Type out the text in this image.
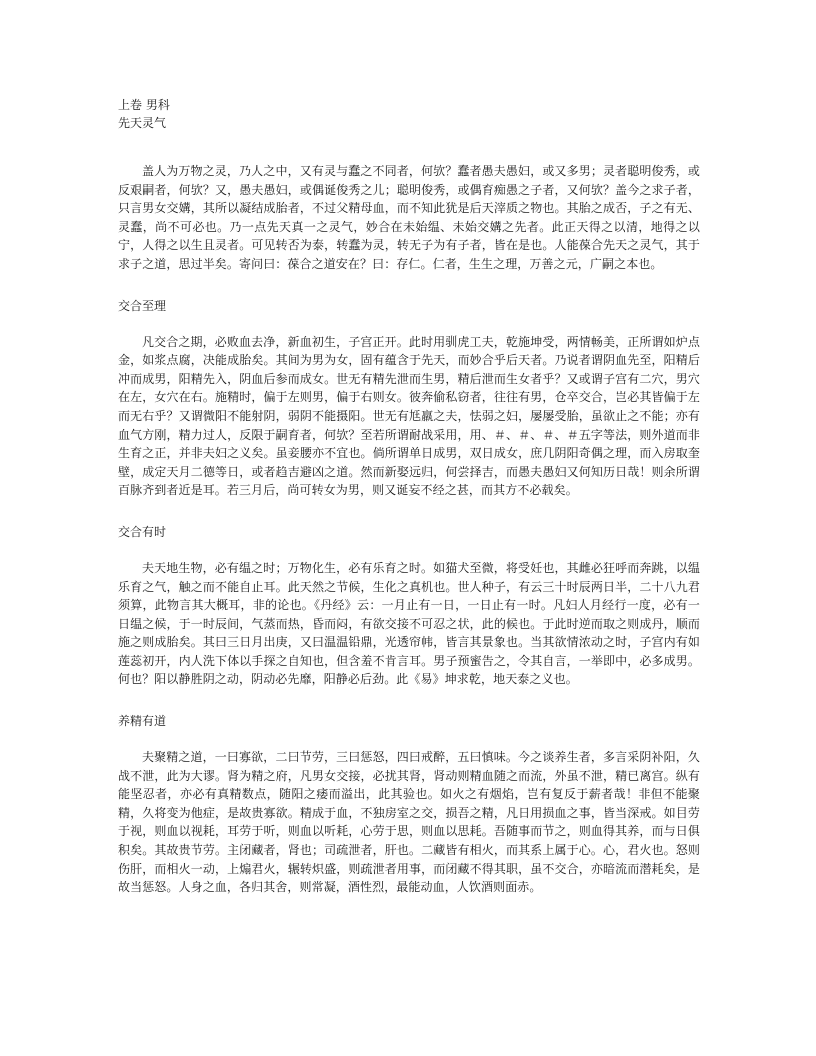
上卷 男科

先天灵气

盖人为万物之灵，乃人之中，又有灵与蠢之不同者，何欤？蠢者愚夫愚妇，或又多男；灵者聪明俊秀，或反艰嗣者，何欤？又，愚夫愚妇，或偶诞俊秀之儿；聪明俊秀，或偶育痴愚之子者，又何欤？盖今之求子者，只言男女交媾，其所以凝结成胎者，不过父精母血，而不知此犹是后天滓质之物也。其胎之成否，子之有无、灵蠢，尚不可必也。乃一点先天真一之灵气，妙合在未始缊、未始交媾之先者。此正天得之以清，地得之以宁，人得之以生且灵者。可见转否为泰，转蠢为灵，转无子为有子者，皆在是也。人能葆合先天之灵气，其于求子之道，思过半矣。寄问曰：葆合之道安在？曰：存仁。仁者，生生之理，万善之元，广嗣之本也。

交合至理

凡交合之期，必败血去净，新血初生，子宫正开。此时用驯虎工夫，乾施坤受，两情畅美，正所谓如炉点金，如浆点腐，决能成胎矣。其间为男为女，固有蕴含于先天，而妙合乎后天者。乃说者谓阴血先至，阳精后冲而成男，阳精先入，阴血后参而成女。世无有精先泄而生男，精后泄而生女者乎？又或谓子宫有二穴，男穴在左，女穴在右。施精时，偏于左则男，偏于右则女。彼奔偷私窃者，往往有男，仓卒交合，岂必其皆偏于左而无右乎？又谓微阳不能射阴，弱阴不能摄阳。世无有尪羸之夫，怯弱之妇，屡屡受胎，虽欲止之不能；亦有血气方刚，精力过人，反限于嗣育者，何欤？至若所谓耐战采用，用、＃、＃、＃、＃五字等法，则外道而非生育之正，并非夫妇之义矣。虽妾腰亦不宜也。倘所谓单日成男，双日成女，庶几阴阳奇偶之理，而入房取奎壁，成定天月二德等日，或者趋吉避凶之道。然而新娶远归，何尝择吉，而愚夫愚妇又何知历日哉！则余所谓百脉齐到者近是耳。若三月后，尚可转女为男，则又诞妄不经之甚，而其方不必载矣。

交合有时

夫天地生物，必有缊之时；万物化生，必有乐育之时。如猫犬至微，将受妊也，其雌必狂呼而奔跳，以缊乐育之气，触之而不能自止耳。此天然之节候，生化之真机也。世人种子，有云三十时辰两日半，二十八九君须算，此物言其大概耳，非的论也。《丹经》云：一月止有一日，一日止有一时。凡妇人月经行一度，必有一日缊之候，于一时辰间，气蒸而热，昏而闷，有欲交接不可忍之状，此的候也。于此时逆而取之则成丹，顺而施之则成胎矣。其曰三日月出庚，又曰温温铅鼎，光透帘帏，皆言其景象也。当其欲情浓动之时，子宫内有如莲蕊初开，内人洗下体以手探之自知也，但含羞不肯言耳。男子预蜜告之，令其自言，一举即中，必多成男。何也？阳以静胜阴之动，阴动必先靡，阳静必后劲。此《易》坤求乾，地天泰之义也。

养精有道

夫聚精之道，一曰寡欲，二曰节劳，三曰惩怒，四曰戒醉，五曰慎味。今之谈养生者，多言采阴补阳，久战不泄，此为大谬。肾为精之府，凡男女交接，必扰其肾，肾动则精血随之而流，外虽不泄，精已离宫。纵有能坚忍者，亦必有真精数点，随阳之痿而溢出，此其验也。如火之有烟焰，岂有复反于薪者哉！非但不能聚精，久将变为他症，是故贵寡欲。精成于血，不独房室之交，损吾之精，凡日用损血之事，皆当深戒。如目劳于视，则血以视耗，耳劳于听，则血以听耗，心劳于思，则血以思耗。吾随事而节之，则血得其养，而与日俱积矣。其故贵节劳。主闭藏者，肾也；司疏泄者，肝也。二藏皆有相火，而其系上属于心。心，君火也。怒则伤肝，而相火一动，上煽君火，辗转炽盛，则疏泄者用事，而闭藏不得其职，虽不交合，亦暗流而潜耗矣，是故当惩怒。人身之血，各归其舍，则常凝，酒性烈，最能动血，人饮酒则面赤。
